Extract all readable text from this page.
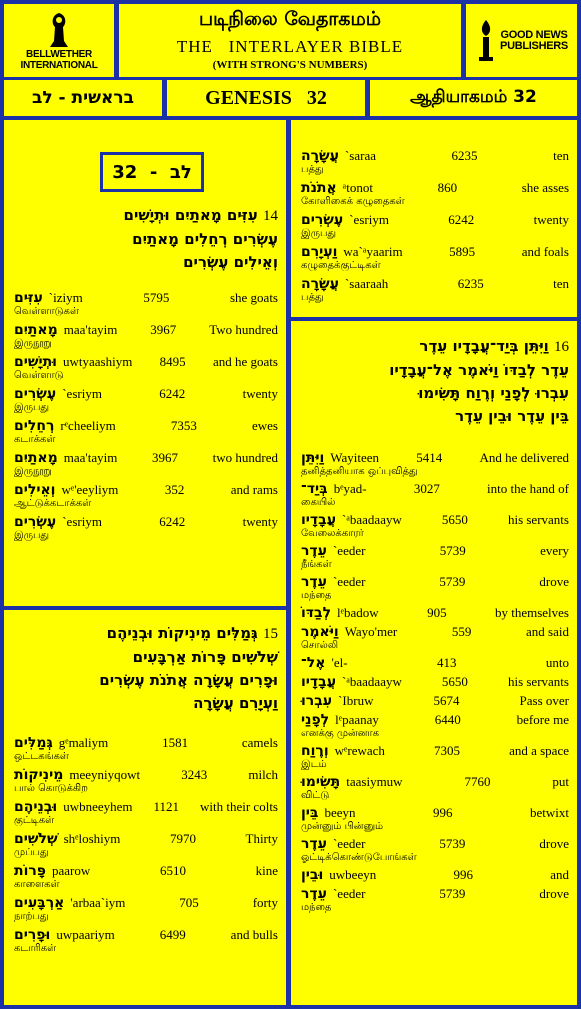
BELLWETHER
INTERNATIONAL
படிநிலை வேதாகமம்
THE   INTERLAYER BIBLE
(WITH STRONG'S NUMBERS)
GOOD NEWS
PUBLISHERS
בראשית - לב	GENESIS   32	ஆதியாகமம் 32
32  -  לב
14 עִזִּים מָאתַיִם וּתְיָשִׁים
עֶשְׂרִים רְחֵלִים מָאתַיִם
וְאֵילִים עֶשְׂרִים
עִזִּים `iziym	5795	she goats
வெள்ளாடுகள்
מָאתַיִם maa'tayim	3967	Two hundred
இருநூறு
וּתְיָשִׁים uwtyaashiym 8495 and he goats
வெள்ளாடு
עֶשְׂרִים `esriym	6242	twenty
இருபது
רְחֵלִים rᵉcheeliym	7353	ewes
கடாக்கள்
מָאתַיִם maa'tayim	3967	two hundred
இருநூறு
וְאֵילִים wᵉ'eeyliym	352	and rams
ஆட்டுக்கடாக்கள்
עֶשְׂרִים `esriym	6242	twenty
இருபது
15 גְּמַלִּים מֵינִיקוֹת וּבְנֵיהֶם
שְׁלֹשִׁים פָּרוֹת אַרְבָּעִים
וּפָרִים עֲשָׂרָה אֲתֹנֹת עֶשְׂרִים
וַעְיָרִם עֲשָׂרָה
גְּמַלִּים gᵉmaliym	1581	camels
ஒட்டகங்கள்
מֵינִיקוֹת meeyniyqowt	3243	milch
பால் கொடுக்கிற
וּבְנֵיהֶם uwbneeyhem 1121 with their colts
குட்டிகள்
שְׁלֹשִׁים shᵉloshiym	7970	Thirty
முப்பது
פָּרוֹת paarow	6510	kine
காளைகள்
אַרְבָּעִים 'arbaa`iym	705	forty
நாற்பது
וּפָרִים uwpaariym	6499	and bulls
கடாரிகள்
עֲשָׂרָה `saraa	6235	ten
பத்து
אֲתֹנֹת ᵃtonot	860	she asses
கோளிகைக் கழுதைகள்
עֶשְׂרִים `esriym	6242	twenty
இருபது
וַעְיָרִם wa`ᵃyaarim	5895	and foals
கழுதைக்குட்டிகள்
עֲשָׂרָה `saaraah	6235	ten
பத்து
16 וַיִּתֵּן בְּיַד־עֲבָדָיו עֵדֶר
עֵדֶר לְבַדּוֹ וַיֹּאמֶר אֶל־עֲבָדָיו
עִבְרוּ לְפָנַי וְרֶוַח תָּשִׂימוּ
בֵּין עֵדֶר וּבֵין עֵדֶר
וַיִּתֵּן Wayiteen	5414	And he delivered
தனித்தனியாக ஒப்புவித்து
בְּיַד־ bᵉyad-	3027	into the hand of
கையில்
עֲבָדָיו `ᵃbaadaayw	5650	his servants
வேலைக்காரர்
עֵדֶר `eeder	5739	every
நீங்கள்
עֵדֶר `eeder	5739	drove
மந்தை
לְבַדּוֹ lᵉbadow	905	by themselves
וַיֹּאמֶר Wayo'mer	559	and said
சொல்லி
אֶל־ 'el-	413	unto
עֲבָדָיו `ᵃbaadaayw	5650	his servants
עִבְרוּ `Ibruw	5674	Pass over
לְפָנַי lᵉpaanay	6440	before me
எனக்கு முன்னாக
וְרֶוַח wᵉrewach	7305	and a space
இடம்
תָּשִׂימוּ taasiymuw	7760	put
விட்டு
בֵּין beeyn	996	betwixt
முன்னும் பின்னும்
עֵדֶר `eeder	5739	drove
ஓட்டிக்கொண்டுபோங்கள்
וּבֵין uwbeeyn	996	and
עֵדֶר `eeder	5739	drove
மந்தை
